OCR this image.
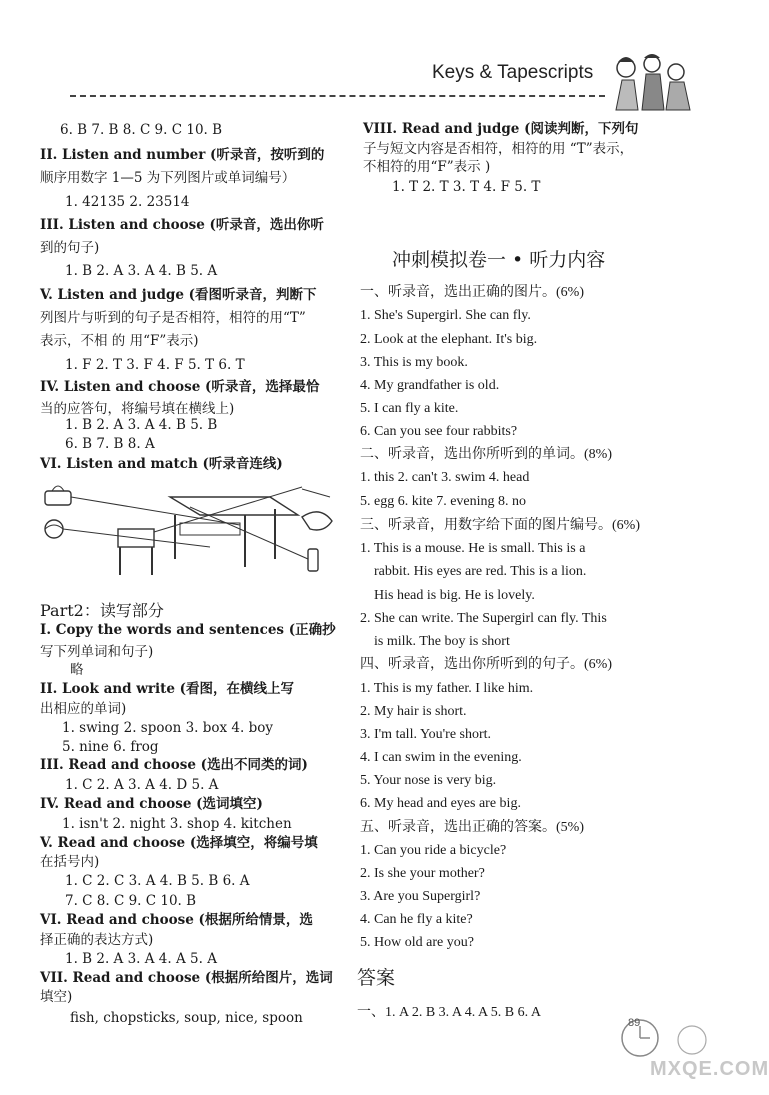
Keys & Tapescripts
6. B 7. B 8. C 9. C 10. B
II. Listen and number (听录音，按听到的
顺序用数字 1—5 为下列图片或单词编号）
1. 42135 2. 23514
III. Listen and choose (听录音，选出你听
到的句子)
1. B 2. A 3. A 4. B 5. A
V. Listen and judge (看图听录音，判断下
列图片与听到的句子是否相符，相符的用“T”
表示，不相 的 用“F”表示)
1. F 2. T 3. F 4. F 5. T 6. T
IV. Listen and choose (听录音，选择最恰
当的应答句，将编号填在横线上)
1. B 2. A 3. A 4. B 5. B
6. B 7. B 8. A
VI. Listen and match (听录音连线)
Part2：读写部分
I. Copy the words and sentences (正确抄
写下列单词和句子)
略
II. Look and write (看图，在横线上写
出相应的单词)
1. swing 2. spoon 3. box 4. boy
5. nine 6. frog
III. Read and choose (选出不同类的词)
1. C 2. A 3. A 4. D 5. A
IV. Read and choose (选词填空)
1. isn't 2. night 3. shop 4. kitchen
V. Read and choose (选择填空，将编号填
在括号内)
1. C 2. C 3. A 4. B 5. B 6. A
7. C 8. C 9. C 10. B
VI. Read and choose (根据所给情景，选
择正确的表达方式)
1. B 2. A 3. A 4. A 5. A
VII. Read and choose (根据所给图片，选词
填空)
fish, chopsticks, soup, nice, spoon
VIII. Read and judge (阅读判断，下列句
子与短文内容是否相符，相符的用 “T”表示，
不相符的用“F”表示 )
1. T 2. T 3. T 4. F 5. T
冲刺模拟卷一 • 听力内容
一、听录音，选出正确的图片。(6%)
1. She's Supergirl. She can fly.
2. Look at the elephant. It's big.
3. This is my book.
4. My grandfather is old.
5. I can fly a kite.
6. Can you see four rabbits?
二、听录音，选出你所听到的单词。(8%)
1. this 2. can't 3. swim 4. head
5. egg 6. kite 7. evening 8. no
三、听录音，用数字给下面的图片编号。(6%)
1. This is a mouse. He is small. This is a
rabbit. His eyes are red. This is a lion.
His head is big. He is lovely.
2. She can write. The Supergirl can fly. This
is milk. The boy is short
四、听录音，选出你所听到的句子。(6%)
1. This is my father. I like him.
2. My hair is short.
3. I'm tall. You're short.
4. I can swim in the evening.
5. Your nose is very big.
6. My head and eyes are big.
五、听录音，选出正确的答案。(5%)
1. Can you ride a bicycle?
2. Is she your mother?
3. Are you Supergirl?
4. Can he fly a kite?
5. How old are you?
答案
一、1. A 2. B 3. A 4. A 5. B 6. A
89
MXQE.COM
